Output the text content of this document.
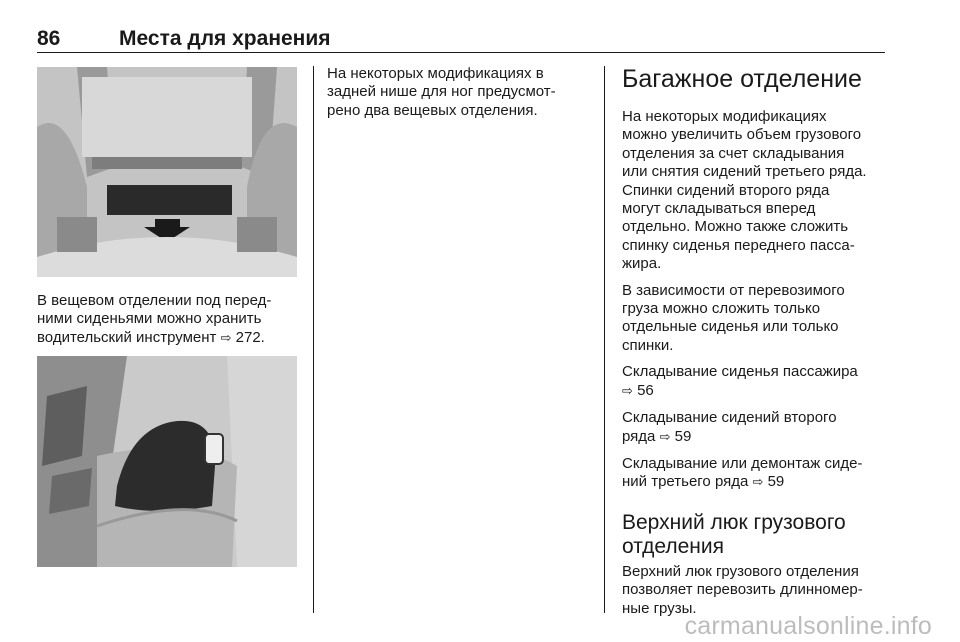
86	Места для хранения
В вещевом отделении под перед-
ними сиденьями можно хранить
водительский инструмент ⇨ 272.
На некоторых модификациях в
задней нише для ног предусмот-
рено два вещевых отделения.
Багажное отделение
На некоторых модификациях
можно увеличить объем грузового
отделения за счет складывания
или снятия сидений третьего ряда.
Спинки сидений второго ряда
могут складываться вперед
отдельно. Можно также сложить
спинку сиденья переднего пасса-
жира.
В зависимости от перевозимого
груза можно сложить только
отдельные сиденья или только
спинки.
Складывание сиденья пассажира
⇨ 56
Складывание сидений второго
ряда ⇨ 59
Складывание или демонтаж сиде-
ний третьего ряда ⇨ 59
Верхний люк грузового
отделения
Верхний люк грузового отделения
позволяет перевозить длинномер-
ные грузы.
carmanualsonline.info
